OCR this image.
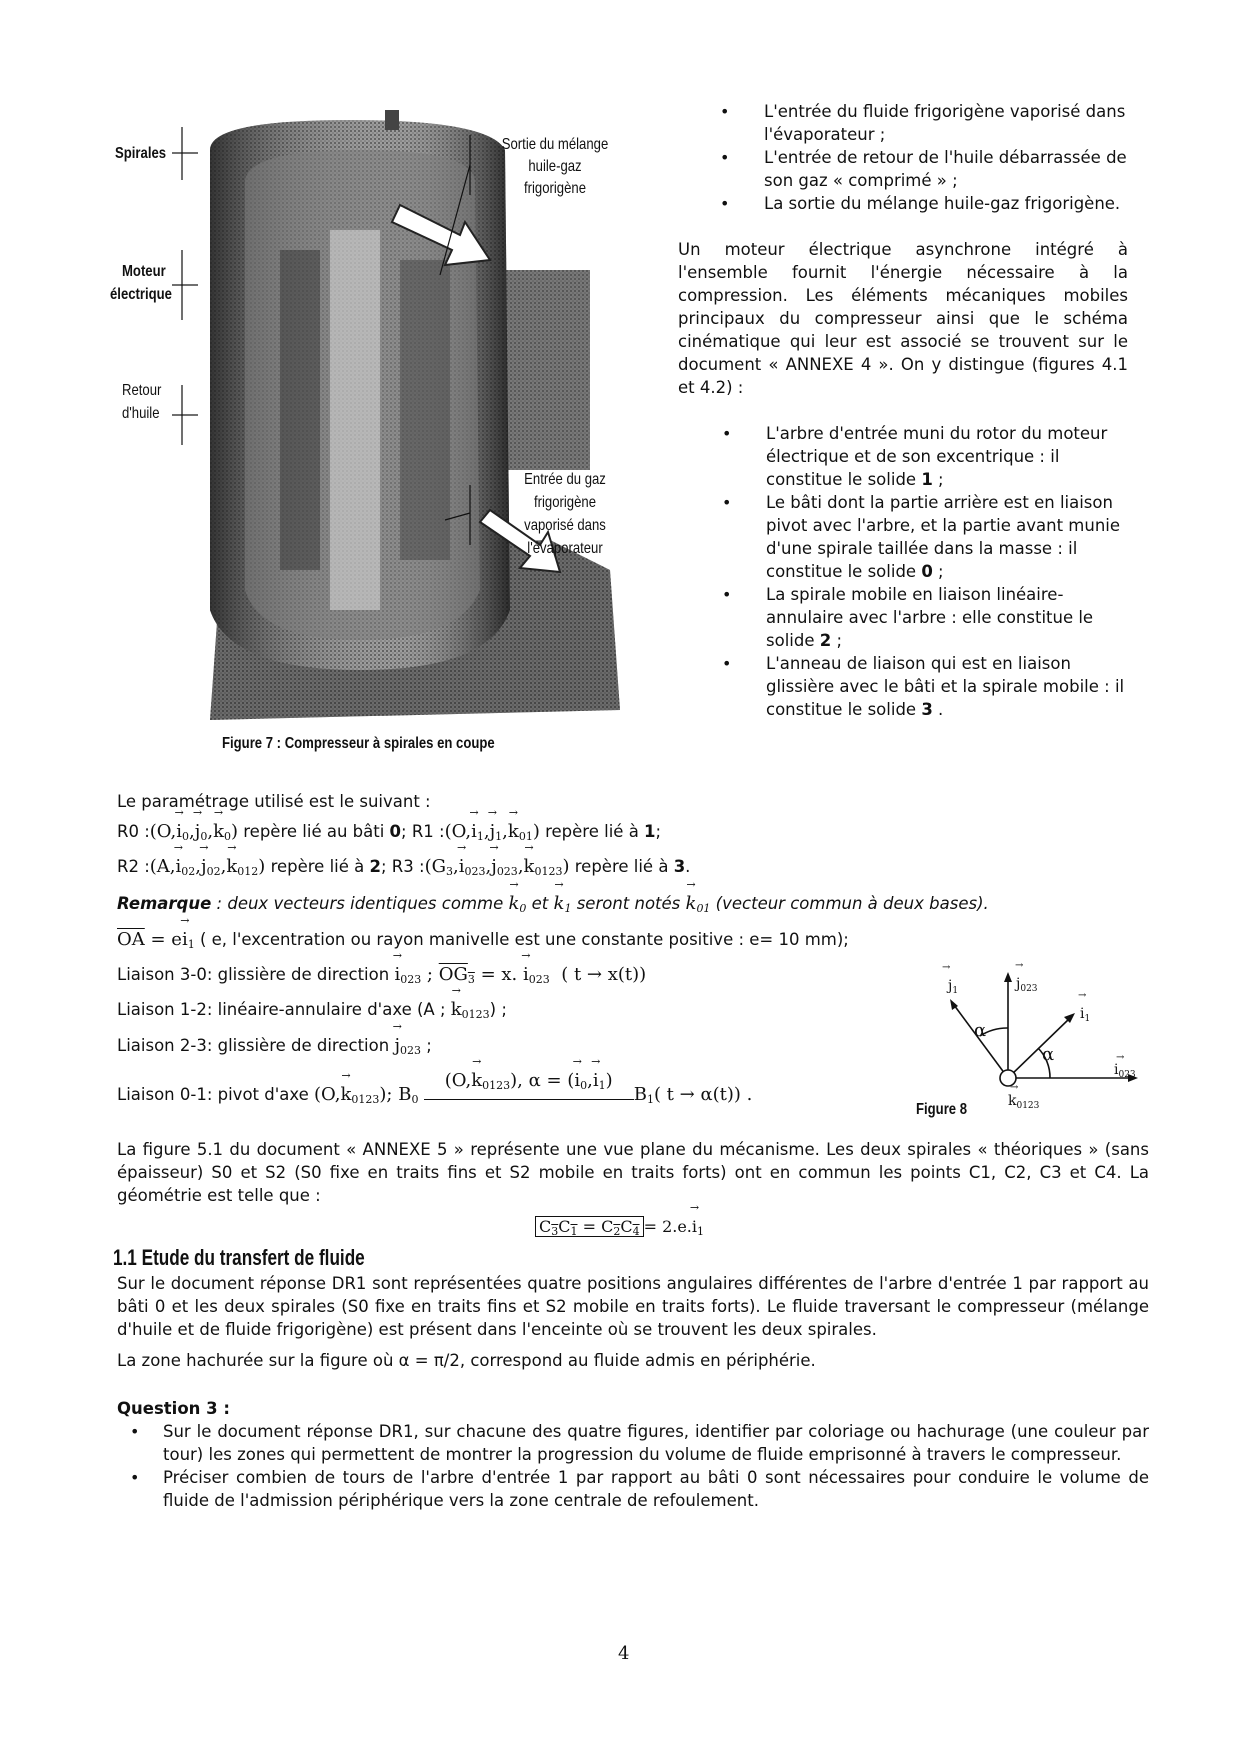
Spirales
Moteur
électrique
Retour
d'huile
Sortie du mélange
huile-gaz
frigorigène
Entrée du gaz
frigorigène
vaporisé dans
l'évaporateur
Figure 7 : Compresseur à spirales en coupe
• L'entrée du fluide frigorigène vaporisé dans l'évaporateur ;
• L'entrée de retour de l'huile débarrassée de son gaz « comprimé » ;
• La sortie du mélange huile-gaz frigorigène.

Un moteur électrique asynchrone intégré à l'ensemble fournit l'énergie nécessaire à la compression. Les éléments mécaniques mobiles principaux du compresseur ainsi que le schéma cinématique qui leur est associé se trouvent sur le document « ANNEXE 4 ». On y distingue (figures 4.1 et 4.2) :

• L'arbre d'entrée muni du rotor du moteur électrique et de son excentrique : il constitue le solide 1 ;
• Le bâti dont la partie arrière est en liaison pivot avec l'arbre, et la partie avant munie d'une spirale taillée dans la masse : il constitue le solide 0 ;
• La spirale mobile en liaison linéaire-annulaire avec l'arbre : elle constitue le solide 2 ;
• L'anneau de liaison qui est en liaison glissière avec le bâti et la spirale mobile : il constitue le solide 3 .
Le paramétrage utilisé est le suivant :
R0 :(O,→ $i_0,\to j_0,\to k_0$) repère lié au bâti 0; R1 :(O,→ $i_1,\to j_1,\to k_{01}$) repère lié à 1;
R2 :(A,→ $i_{02},\to j_{02},\to k_{012}$) repère lié à 2; R3 $:(G_3,\to i_{023},\to j_{023},\to k_{0123})$ repère lié à 3.
Remarque : deux vecteurs identiques comme → $k_0$ et → $k_1$ seront notés → $k_{01}$ (vecteur commun à deux bases).
$\overline{OA} = e\to i_1$ ( e, l'excentration ou rayon manivelle est une constante positive : e= 10 mm);
Liaison 3-0: glissière de direction → $i_{023}$ ; $OG_3 = x$. → $i_{023}$  ( t → x(t))
Liaison 1-2: linéaire-annulaire d'axe (A ; → $k_{0123}$) ;
Liaison 2-3: glissière de direction → $j_{023}$ ;
Liaison 0-1: pivot d'axe $(O,\to k_{0123})$; $B_0$
$(O,\to k_{0123})$, α = (→ $i_0,\to i_1$)
$B_1$( t → α(t)) .
$j_1$
→
$j_{023}$
→
$i_1$
→
$i_{023}$
→
$k_{0123}$
→
α
α
Figure 8

La figure 5.1 du document « ANNEXE 5 » représente une vue plane du mécanisme. Les deux spirales « théoriques » (sans épaisseur) S0 et S2 (S0 fixe en traits fins et S2 mobile en traits forts) ont en commun les points C1, C2, C3 et C4. La géométrie est telle que :

$C_3C_1 = C_2C_4 = 2.e.\to i_1$
1.1 Etude du transfert de fluide

Sur le document réponse DR1 sont représentées quatre positions angulaires différentes de l'arbre d'entrée 1 par rapport au bâti 0 et les deux spirales (S0 fixe en traits fins et S2 mobile en traits forts). Le fluide traversant le compresseur (mélange d'huile et de fluide frigorigène) est présent dans l'enceinte où se trouvent les deux spirales.

La zone hachurée sur la figure où α = π/2, correspond au fluide admis en périphérie.

Question 3 :
• Sur le document réponse DR1, sur chacune des quatre figures, identifier par coloriage ou hachurage (une couleur par tour) les zones qui permettent de montrer la progression du volume de fluide emprisonné à travers le compresseur.
• Préciser combien de tours de l'arbre d'entrée 1 par rapport au bâti 0 sont nécessaires pour conduire le volume de fluide de l'admission périphérique vers la zone centrale de refoulement.
4
